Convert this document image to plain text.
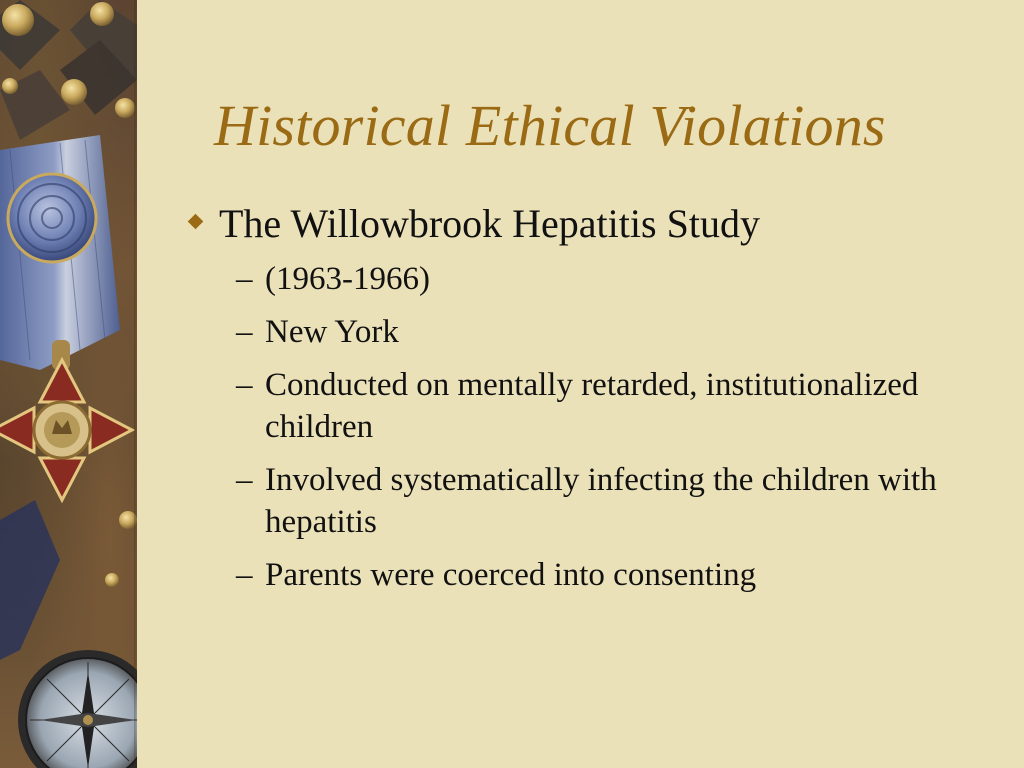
Historical Ethical Violations
The Willowbrook Hepatitis Study
– (1963-1966)
– New York
– Conducted on mentally retarded, institutionalized children
– Involved systematically infecting the children with hepatitis
– Parents were coerced into consenting
